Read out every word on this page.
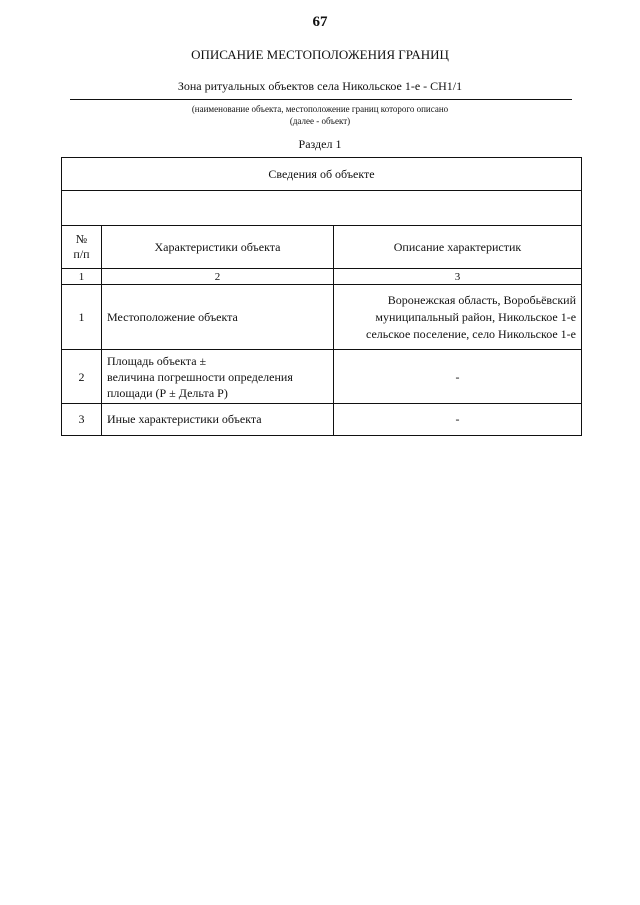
67
ОПИСАНИЕ МЕСТОПОЛОЖЕНИЯ ГРАНИЦ
Зона ритуальных объектов села Никольское 1-е - СН1/1
(наименование объекта, местоположение границ которого описано
(далее - объект)
Раздел 1
Сведения об объекте		

№
п/п	Характеристики объекта	Описание характеристик
1	2	3
1	Местоположение объекта	Воронежская область, Воробьёвский
муниципальный район, Никольское 1-е
сельское поселение, село Никольское 1-е

2	Площадь объекта ±
величина погрешности определения
площади (Р ± Дельта Р)	-
3	Иные характеристики объекта	-
